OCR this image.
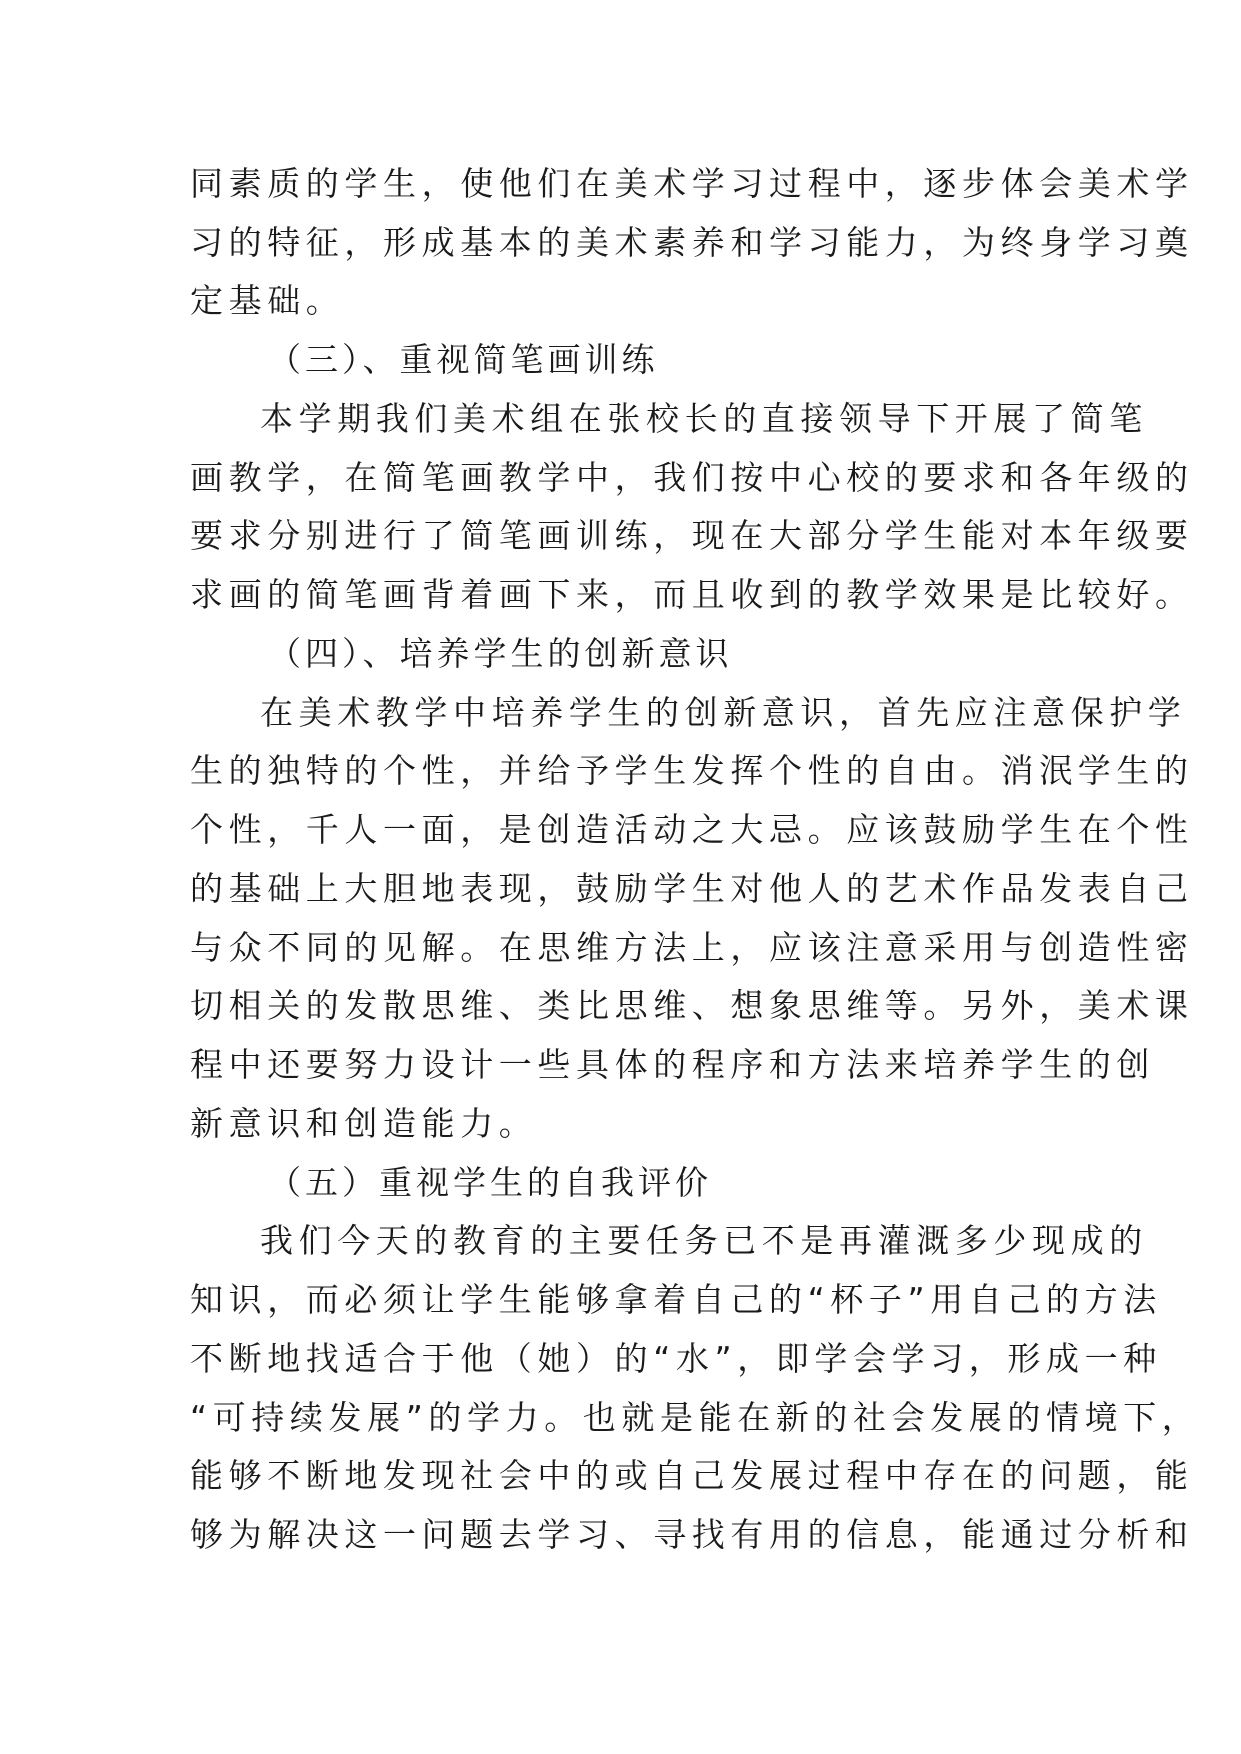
同素质的学生，使他们在美术学习过程中，逐步体会美术学
习的特征，形成基本的美术素养和学习能力，为终身学习奠
定基础。
（三）、重视简笔画训练
本学期我们美术组在张校长的直接领导下开展了简笔
画教学，在简笔画教学中，我们按中心校的要求和各年级的
要求分别进行了简笔画训练，现在大部分学生能对本年级要
求画的简笔画背着画下来，而且收到的教学效果是比较好。
（四）、培养学生的创新意识
在美术教学中培养学生的创新意识，首先应注意保护学
生的独特的个性，并给予学生发挥个性的自由。消泯学生的
个性，千人一面，是创造活动之大忌。应该鼓励学生在个性
的基础上大胆地表现，鼓励学生对他人的艺术作品发表自己
与众不同的见解。在思维方法上，应该注意采用与创造性密
切相关的发散思维、类比思维、想象思维等。另外，美术课
程中还要努力设计一些具体的程序和方法来培养学生的创
新意识和创造能力。
（五）重视学生的自我评价
我们今天的教育的主要任务已不是再灌溉多少现成的
知识，而必须让学生能够拿着自己的“杯子”用自己的方法
不断地找适合于他（她）的“水”，即学会学习，形成一种
“可持续发展”的学力。也就是能在新的社会发展的情境下，
能够不断地发现社会中的或自己发展过程中存在的问题，能
够为解决这一问题去学习、寻找有用的信息，能通过分析和
